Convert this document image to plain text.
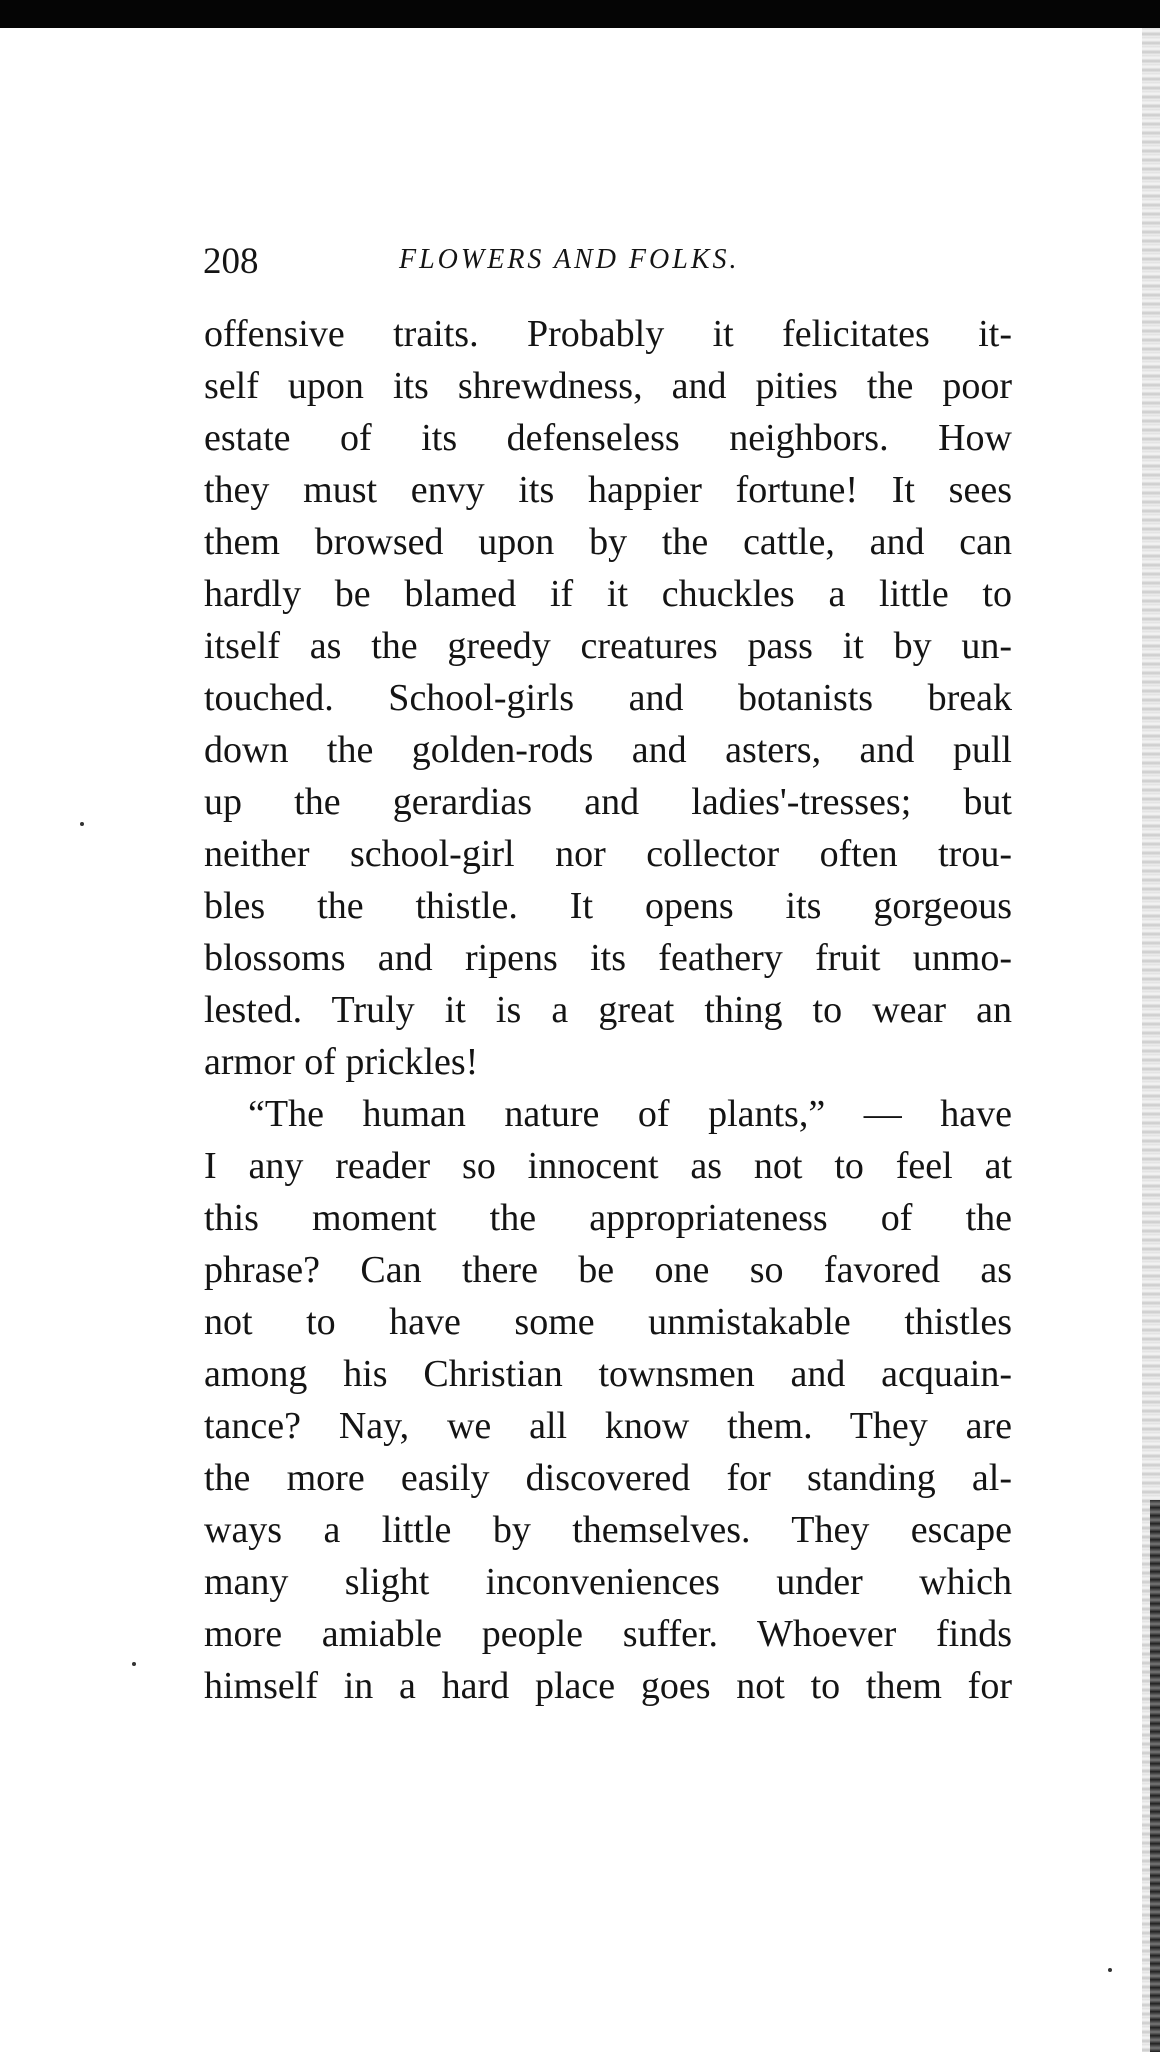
208	FLOWERS AND FOLKS.
offensive traits. Probably it felicitates it-
self upon its shrewdness, and pities the poor
estate of its defenseless neighbors. How
they must envy its happier fortune! It sees
them browsed upon by the cattle, and can
hardly be blamed if it chuckles a little to
itself as the greedy creatures pass it by un-
touched. School-girls and botanists break
down the golden-rods and asters, and pull
up the gerardias and ladies'-tresses; but
neither school-girl nor collector often trou-
bles the thistle. It opens its gorgeous
blossoms and ripens its feathery fruit unmo-
lested. Truly it is a great thing to wear an
armor of prickles!
“The human nature of plants,” — have
I any reader so innocent as not to feel at
this moment the appropriateness of the
phrase? Can there be one so favored as
not to have some unmistakable thistles
among his Christian townsmen and acquain-
tance? Nay, we all know them. They are
the more easily discovered for standing al-
ways a little by themselves. They escape
many slight inconveniences under which
more amiable people suffer. Whoever finds
himself in a hard place goes not to them for
